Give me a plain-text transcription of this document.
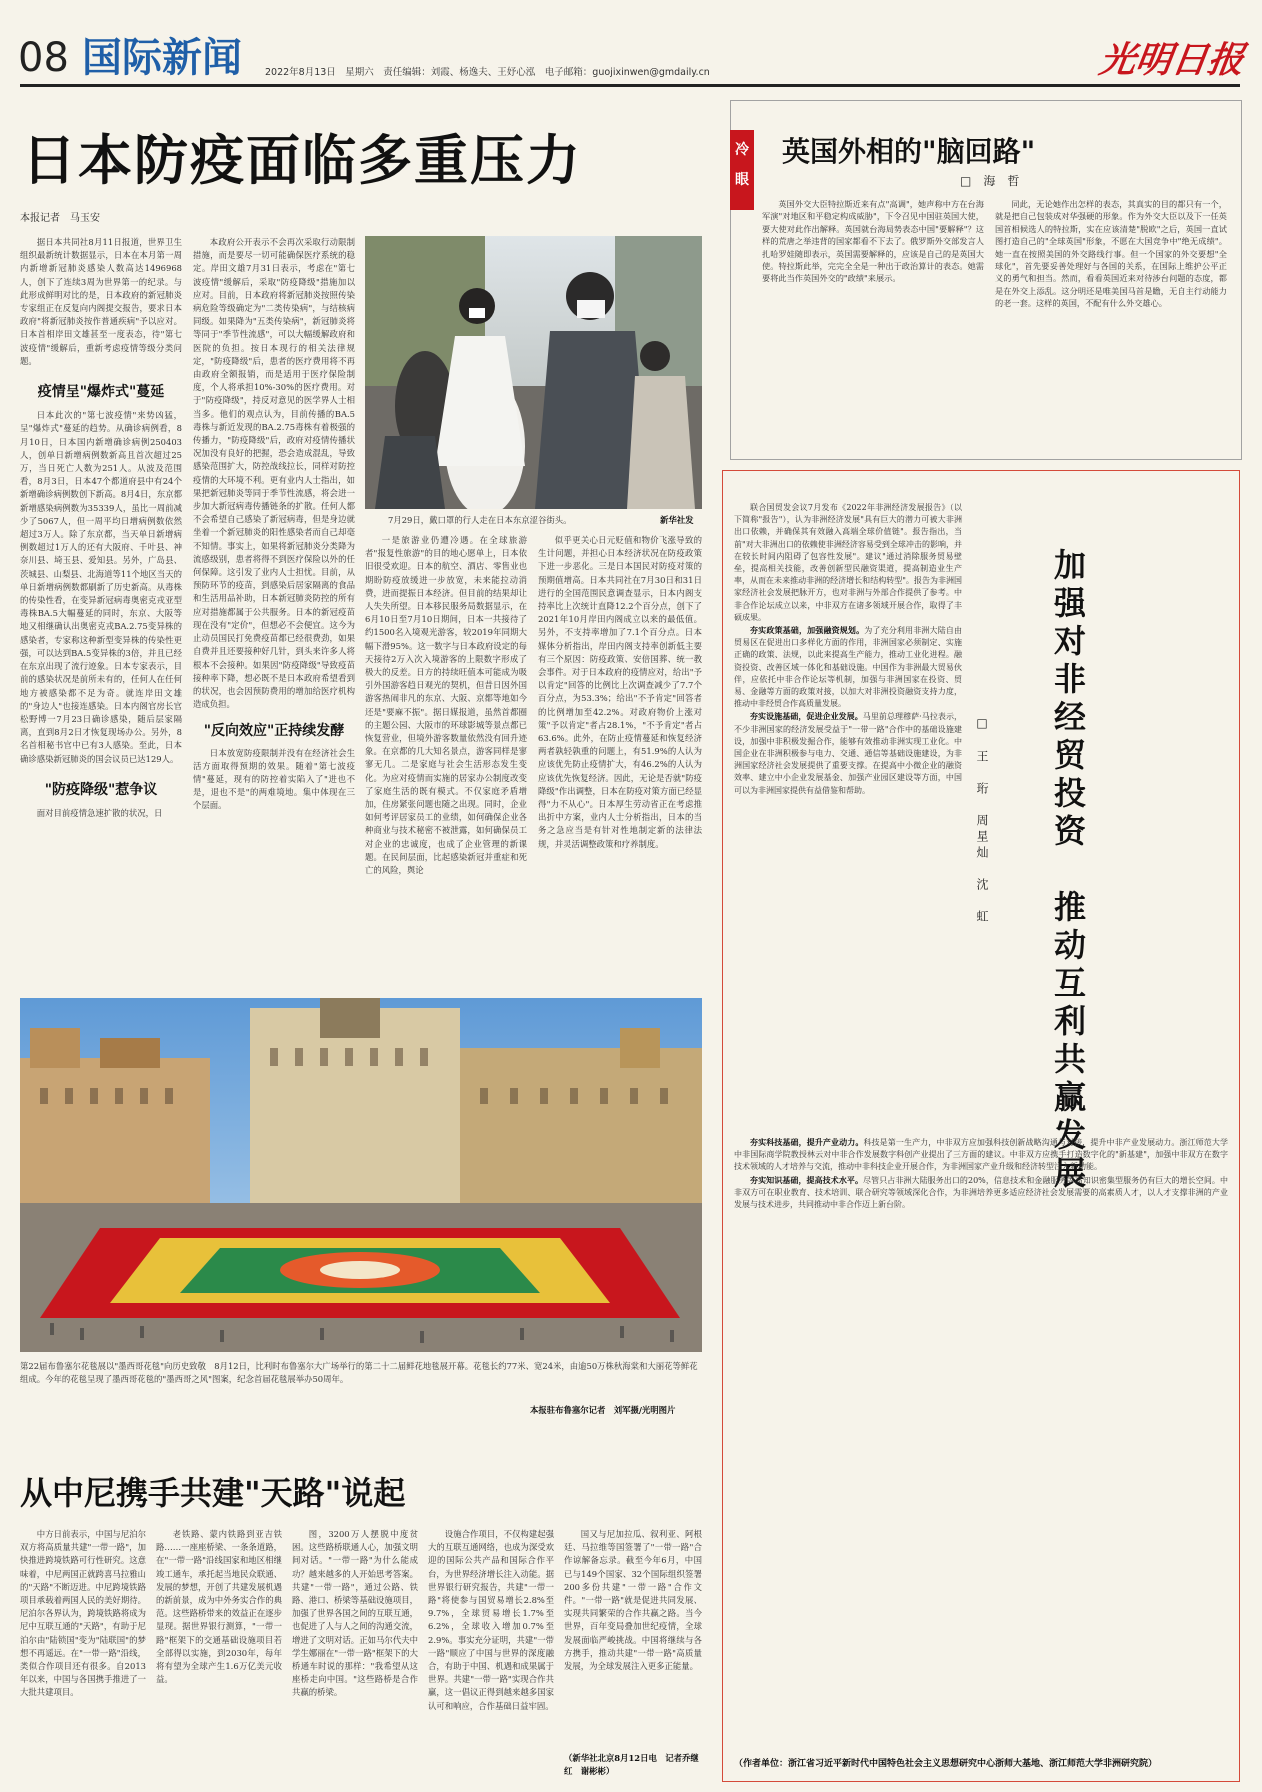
08 国际新闻 2022年8月13日　星期六　责任编辑：刘霞、杨逸夫、王妤心泓　电子邮箱：guojixinwen@gmdaily.cn	光明日报
日本防疫面临多重压力
本报记者　马玉安

据日本共同社8月11日报道，世界卫生组织最新统计数据显示，日本在本月第一周内新增新冠肺炎感染人数高达1496968人，创下了连续3周为世界第一的纪录。与此形成鲜明对比的是，日本政府的新冠肺炎专家组正在反复向内阁提交报告，要求日本政府"将新冠肺炎按作普通疾病"予以应对。日本首相岸田文雄甚至一度表态，待"第七波疫情"缓解后，重新考虑疫情等级分类问题。

疫情呈"爆炸式"蔓延

日本此次的"第七波疫情"来势凶猛，呈"爆炸式"蔓延的趋势。从确诊病例看，8月10日，日本国内新增确诊病例250403人，创单日新增病例数新高且首次超过25万，当日死亡人数为251人。从波及范围看，8月3日，日本47个都道府县中有24个新增确诊病例数创下新高。8月4日，东京都新增感染病例数为35339人，虽比一周前减少了5067人，但一周平均日增病例数依然超过3万人。除了东京都，当天单日新增病例数超过1万人的还有大阪府、千叶县、神奈川县、埼玉县、爱知县。另外，广岛县、茨城县、山梨县、北海道等11个地区当天的单日新增病例数都刷新了历史新高。从毒株的传染性看，在变异新冠病毒奥密克戎亚型毒株BA.5大幅蔓延的同时，东京、大阪等地又相继确认出奥密克戎BA.2.75变异株的感染者，专家称这种新型变异株的传染性更强，可以达到BA.5变异株的3倍，并且已经在东京出现了流行迹象。日本专家表示，目前的感染状况是前所未有的，任何人在任何地方被感染都不足为奇。就连岸田文雄的"身边人"也接连感染。日本内阁官房长官松野博一7月23日确诊感染，随后层家隔离，直到8月2日才恢复现场办公。另外，8名首相秘书官中已有3人感染。至此，日本确诊感染新冠肺炎的国会议员已达129人。

"防疫降级"惹争议

面对目前疫情急速扩散的状况，日

本政府公开表示不会再次采取行动限制措施，而是要尽一切可能确保医疗系统的稳定。岸田文雄7月31日表示，考虑在"第七波疫情"缓解后，采取"防疫降级"措施加以应对。目前，日本政府将新冠肺炎按照传染病危险等级确定为"二类传染病"，与结核病同级。如果降为"五类传染病"，新冠肺炎将等同于"季节性流感"，可以大幅缓解政府和医院的负担。按日本现行的相关法律规定，"防疫降级"后，患者的医疗费用将不再由政府全额报销，而是适用于医疗保险制度，个人将承担10%-30%的医疗费用。对于"防疫降级"，持反对意见的医学界人士相当多。他们的观点认为，目前传播的BA.5毒株与新近发现的BA.2.75毒株有着极强的传播力，"防疫降级"后，政府对疫情传播状况加没有良好的把握，恐会造成混乱，导致感染范围扩大，防控战线拉长，同样对防控疫情的大环境不利。更有业内人士指出，如果把新冠肺炎等同于季节性流感，将会进一步加大新冠病毒传播链条的扩散。任何人都不会希望自己感染了新冠病毒，但是身边就坐着一个新冠肺炎的阳性感染者而自己却毫不知情。事实上，如果将新冠肺炎分类降为流感级别，患者将得不到医疗保险以外的任何保障。这引发了业内人士担忧。目前，从预防环节的疫苗，到感染后居家隔离的食品和生活用品补助，日本新冠肺炎防控的所有应对措施都属于公共服务。日本的新冠疫苗现在没有"定价"，但想必不会便宜。这今为止动员国民打免费疫苗都已经很费劲，如果自费并且还要接种好几针，到头来许多人将根本不会接种。如果因"防疫降级"导致疫苗接种率下降，想必既不是日本政府希望看到的状况，也会因预防费用的增加给医疗机构造成负担。

"反向效应"正持续发酵

日本放宽防疫限制并没有在经济社会生活方面取得预期的效果。随着"第七波疫情"蔓延，现有的防控着实陷入了"进也不是，退也不是"的两难境地。集中体现在三个层面。

7月29日，戴口罩的行人走在日本东京涩谷街头。	新华社发

一是旅游业仍遭冷遇。在全球旅游者"报复性旅游"的目的地心愿单上，日本依旧很受欢迎。日本的航空、酒店、零售业也期盼防疫放缓进一步放宽，未来能拉动消费，进而提振日本经济。但目前的结果却让人失失所望。日本移民服务局数据显示，在6月10日至7月10日期间，日本一共接待了约1500名入境观光游客，较2019年同期大幅下滑95%。这一数字与日本政府设定的每天接待2万入次入境游客的上限数字形成了极大的反差。日方的持续旺值本可能成为吸引外国游客趋日观光的契机，但昔日因外国游客热闹非凡的东京、大阪、京都等地如今还是"要麻不振"。据日媒报道，虽然首都圈的主题公园、大阪市的环球影城等景点都已恢复营业，但境外游客数量依然没有回升迹象。在京都的几大知名景点，游客同样是寥寥无几。二是家庭与社会生活形态发生变化。为应对疫情而实施的居家办公制度改变了家庭生活的既有模式。不仅家庭矛盾增加，住房紧张问题也随之出现。同时，企业如何考评居家员工的业绩，如何确保企业各种商业与技术秘密不被泄露，如何确保员工对企业的忠诚度，也成了企业管理的新课题。在民间层面，比起感染新冠并重症和死亡的风险，舆论

似乎更关心日元贬值和物价飞涨导致的生计问题，并担心日本经济状况在防疫政策下进一步恶化。三是日本国民对防疫对策的预期值增高。日本共同社在7月30日和31日进行的全国范围民意调查显示，日本内阁支持率比上次统计直降12.2个百分点，创下了2021年10月岸田内阁成立以来的最低值。另外，不支持率增加了7.1个百分点。日本媒体分析指出，岸田内阁支持率创新低主要有三个原因：防疫政策、安倍国葬、统一教会事件。对于日本政府的疫情应对，给出"予以肯定"回答的比例比上次调查减少了7.7个百分点，为53.3%；给出"不予肯定"回答者的比例增加至42.2%。对政府物价上涨对策"予以肯定"者占28.1%，"不予肯定"者占63.6%。此外，在防止疫情蔓延和恢复经济两者孰轻孰重的问题上，有51.9%的人认为应该优先防止疫情扩大，有46.2%的人认为应该优先恢复经济。因此，无论是否就"防疫降级"作出调整，日本在防疫对策方面已经显得"力不从心"。日本厚生劳动省正在考虑推出折中方案，业内人士分析指出，日本的当务之急应当是有针对性地制定新的法律法规，并灵活调整政策和疗养制度。

冷
眼
英国外相的"脑回路"
□　海　哲

英国外交大臣特拉斯近来有点"高调"，她声称中方在台海军演"对地区和平稳定构成威胁"，下令召见中国驻英国大使，要大使对此作出解释。英国就台海局势表态中国"要解释"？这样的荒唐之举违背的国家都看不下去了。俄罗斯外交部发言人扎哈罗娃随即表示，英国需要解释的，应该是自己的是英国大使。特拉斯此举，完完全全是一种出于政治算计的表态。她需要将此当作英国外交的"政绩"来展示。

同此，无论她作出怎样的表态，其真实的目的都只有一个，就是把自己包装成对华强硬的形象。作为外交大臣以及下一任英国首相候选人的特拉斯，实在应该清楚"脱欧"之后，英国一直试图打造自己的"全球英国"形象，不愿在大国竞争中"绝无成绩"。她一直在按照美国的外交路线行事。但一个国家的外交要想"全球化"，首先要妥善处理好与各国的关系，在国际上维护公平正义的勇气和担当。然而，看看英国近来对待涉台问题的态度，都是在外交上添乱。这分明还是唯美国马首是瞻，无自主行动能力的老一套。这样的英国，不配有什么外交雄心。

加强对非经贸投资　推动互利共赢发展
□　王　珩　周星灿　沈　虹

联合国贸发会议7月发布《2022年非洲经济发展报告》（以下简称"报告"），认为非洲经济发展"具有巨大的潜力可被大非洲出口依赖，并确保其有效融入高端全球价值链"。报告指出，当前"对大非洲出口的依赖使非洲经济容易受到全球冲击的影响，并在较长时间内阻碍了包容性发展"。建议"通过消除服务贸易壁垒，提高相关技能，改善创新型民融资渠道，提高制造业生产率，从而在未来推动非洲的经济增长和结构转型"。报告为非洲国家经济社会发展把脉开方，也对非洲与外部合作提供了参考。中非合作论坛成立以来，中非双方在诸多领域开展合作，取得了丰硕成果。

夯实政策基础，加强融资规划。为了充分利用非洲大陆自由贸易区在促进出口多样化方面的作用，非洲国家必须制定、实施正确的政策、法规，以此来提高生产能力，推动工业化进程。融资投资、改善区域一体化和基础设施。中国作为非洲最大贸易伙伴，应依托中非合作论坛等机制，加强与非洲国家在投资、贸易、金融等方面的政策对接，以加大对非洲投资融资支持力度，推动中非经贸合作高质量发展。

夯实设施基础，促进企业发展。马里前总理穆萨·马拉表示，不少非洲国家的经济发展受益于"一带一路"合作中的基础设施建设，加强中非积极发掘合作，能够有效推动非洲实现工业化。中国企业在非洲积极参与电力、交通、通信等基础设施建设，为非洲国家经济社会发展提供了重要支撑。在提高中小微企业的融资效率、建立中小企业发展基金、加强产业园区建设等方面，中国可以为非洲国家提供有益借鉴和帮助。

夯实科技基础，提升产业动力。科技是第一生产力，中非双方应加强科技创新战略沟通与对接，提升中非产业发展动力。浙江师范大学中非国际商学院教授林云对中非合作发展数字科创产业提出了三方面的建议。中非双方应携手打造数字化的"新基建"，加强中非双方在数字技术领域的人才培养与交流，推动中非科技企业开展合作，为非洲国家产业升级和经济转型注入新动能。

夯实知识基础，提高技术水平。尽管只占非洲大陆服务出口的20%，信息技术和金融服务等高知识密集型服务仍有巨大的增长空间。中非双方可在职业教育、技术培训、联合研究等领域深化合作，为非洲培养更多适应经济社会发展需要的高素质人才，以人才支撑非洲的产业发展与技术进步，共同推动中非合作迈上新台阶。

（作者单位：浙江省习近平新时代中国特色社会主义思想研究中心浙师大基地、浙江师范大学非洲研究院）
第22届布鲁塞尔花毯展以"墨西哥花毯"向历史致敬　8月12日，比利时布鲁塞尔大广场举行的第二十二届鲜花地毯展开幕。花毯长约77米、宽24米，由逾50万株秋海棠和大丽花等鲜花组成。今年的花毯呈现了墨西哥花毯的"墨西哥之风"图案，纪念首届花毯展举办50周年。
本报驻布鲁塞尔记者　刘军摄/光明图片
从中尼携手共建"天路"说起

中方日前表示，中国与尼泊尔双方将高质量共建"一带一路"，加快推进跨境铁路可行性研究。这意味着，中尼两国正就跨喜马拉雅山的"天路"不断迈进。中尼跨境铁路项目承载着两国人民的美好期待。尼泊尔各界认为，跨境铁路将成为尼中互联互通的"天路"，有助于尼泊尔由"陆锁国"变为"陆联国"的梦想不再遥远。在"一带一路"沿线，类似合作项目还有很多。自2013年以来，中国与各国携手推进了一大批共建项目。

老铁路、蒙内铁路到亚吉铁路……一座座桥梁、一条条道路，在"一带一路"沿线国家和地区相继竣工通车，承托起当地民众联通、发展的梦想，开创了共建发展机遇的新前景，成为中外务实合作的典范。这些路桥带来的效益正在逐步显现。据世界银行测算，"一带一路"框架下的交通基础设施项目若全部得以实施，到2030年，每年将有望为全球产生1.6万亿美元收益。

图，3200万人摆脱中度贫困。这些路桥联通人心，加强文明间对话。"一带一路"为什么能成功？越来越多的人开始思考答案。共建"一带一路"，通过公路、铁路、港口、桥梁等基础设施项目，加强了世界各国之间的互联互通，也促进了人与人之间的沟通交流，增进了文明对话。正如马尔代夫中学生娜丽在"一带一路"框架下的大桥通车时说的那样："我希望从这座桥走向中国。"这些路桥是合作共赢的桥梁。

设施合作项目，不仅构建起强大的互联互通网络，也成为深受欢迎的国际公共产品和国际合作平台，为世界经济增长注入动能。据世界银行研究报告，共建"一带一路"将使参与国贸易增长2.8%至9.7%，全球贸易增长1.7%至6.2%，全球收入增加0.7%至2.9%。事实充分证明，共建"一带一路"顺应了中国与世界的深度融合，有助于中国、机遇和成果属于世界。共建"一带一路"实现合作共赢，这一倡议正得到越来越多国家认可和响应，合作基础日益牢固。

国又与尼加拉瓜、叙利亚、阿根廷、马拉维等国签署了"一带一路"合作谅解备忘录。截至今年6月，中国已与149个国家、32个国际组织签署200多份共建"一带一路"合作文件。"一带一路"就是促进共同发展、实现共同繁荣的合作共赢之路。当今世界，百年变局叠加世纪疫情，全球发展面临严峻挑战。中国将继续与各方携手，推动共建"一带一路"高质量发展，为全球发展注入更多正能量。

（新华社北京8月12日电　记者乔继红　谢彬彬）
